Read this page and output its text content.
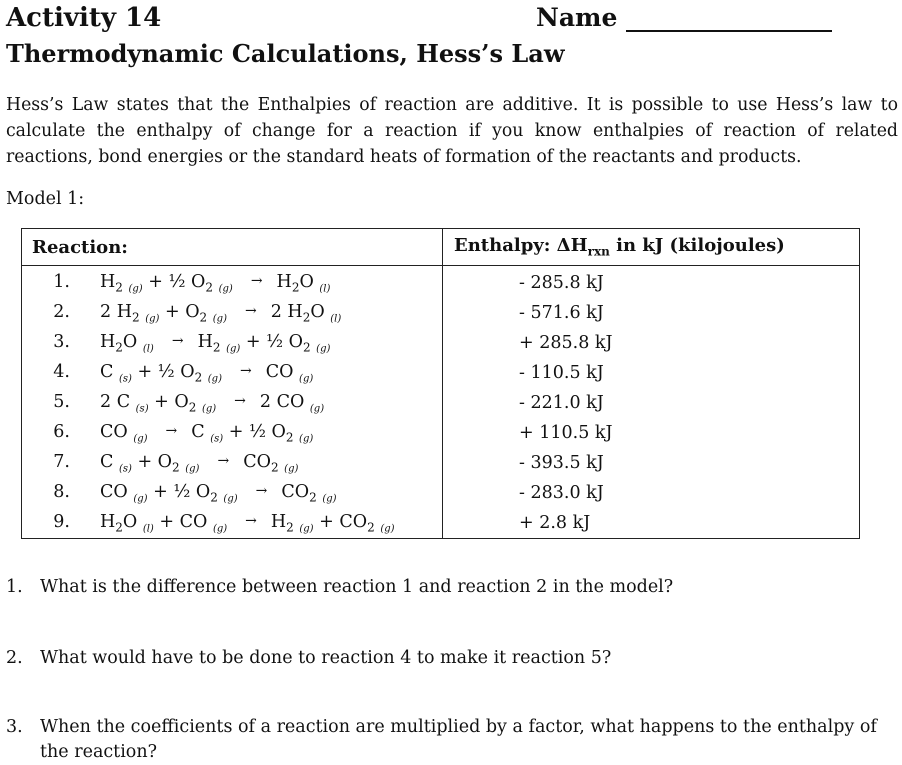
Activity 14	Name
Thermodynamic Calculations, Hess’s Law

Hess’s Law states that the Enthalpies of reaction are additive. It is possible to use Hess’s law to calculate the enthalpy of change for a reaction if you know enthalpies of reaction of related reactions, bond energies or the standard heats of formation of the reactants and products.

Model 1:
Reaction:	Enthalpy: $\Delta H_{rxn}$ in kJ (kilojoules)
1. $H_2$ $_{(g)}$ + ½ $O_2$ $_{(g)} \to H_2O$ $_{(l)}$	- 285.8 kJ
2. 2 $H_2$ $_{(g)} + O_2$ $_{(g)}$ → 2 $H_2O$ $_{(l)}$	- 571.6 kJ
3. $H_2O$ $_{(l)} \to H_2$ $_{(g)}$ + ½ $O_2$ $_{(g)}$	+ 285.8 kJ
4. C $_{(s)}$ + ½ $O_2$ $_{(g)}$ → CO $_{(g)}$	- 110.5 kJ
5. 2 C $_{(s)} + O_2$ $_{(g)}$ → 2 CO $_{(g)}$	- 221.0 kJ
6. CO $_{(g)}$ → C $_{(s)}$ + ½ $O_2$ $_{(g)}$	+ 110.5 kJ
7. C $_{(s)} + O_2$ $_{(g)} \to CO_2$ $_{(g)}$	- 393.5 kJ
8. CO $_{(g)}$ + ½ $O_2$ $_{(g)} \to CO_2$ $_{(g)}$	- 283.0 kJ
9. $H_2O$ $_{(l)}$ + CO $_{(g)} \to H_2$ $_{(g)} + CO_2$ $_{(g)}$	+ 2.8 kJ
1. What is the difference between reaction 1 and reaction 2 in the model?
2. What would have to be done to reaction 4 to make it reaction 5?
3. When the coefficients of a reaction are multiplied by a factor, what happens to the enthalpy of the reaction?
